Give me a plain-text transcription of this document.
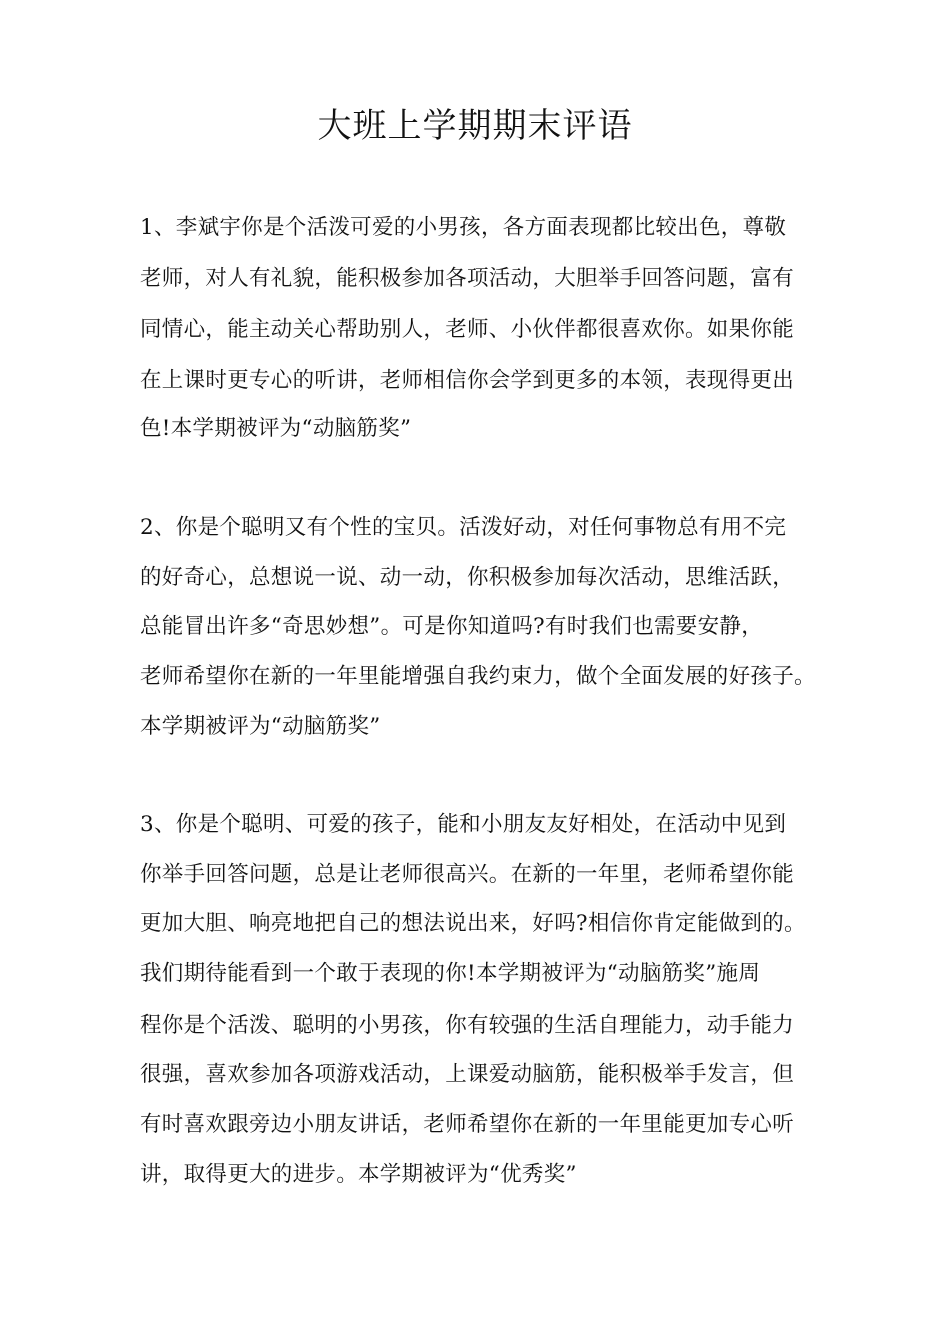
大班上学期期末评语
1、李斌宇你是个活泼可爱的小男孩，各方面表现都比较出色，尊敬
老师，对人有礼貌，能积极参加各项活动，大胆举手回答问题，富有
同情心，能主动关心帮助别人，老师、小伙伴都很喜欢你。如果你能
在上课时更专心的听讲，老师相信你会学到更多的本领，表现得更出
色!本学期被评为“动脑筋奖”
2、你是个聪明又有个性的宝贝。活泼好动，对任何事物总有用不完
的好奇心，总想说一说、动一动，你积极参加每次活动，思维活跃，
总能冒出许多“奇思妙想”。可是你知道吗?有时我们也需要安静，
老师希望你在新的一年里能增强自我约束力，做个全面发展的好孩子。
本学期被评为“动脑筋奖”
3、你是个聪明、可爱的孩子，能和小朋友友好相处，在活动中见到
你举手回答问题，总是让老师很高兴。在新的一年里，老师希望你能
更加大胆、响亮地把自己的想法说出来，好吗?相信你肯定能做到的。
我们期待能看到一个敢于表现的你!本学期被评为“动脑筋奖”施周
程你是个活泼、聪明的小男孩，你有较强的生活自理能力，动手能力
很强，喜欢参加各项游戏活动，上课爱动脑筋，能积极举手发言，但
有时喜欢跟旁边小朋友讲话，老师希望你在新的一年里能更加专心听
讲，取得更大的进步。本学期被评为“优秀奖”
